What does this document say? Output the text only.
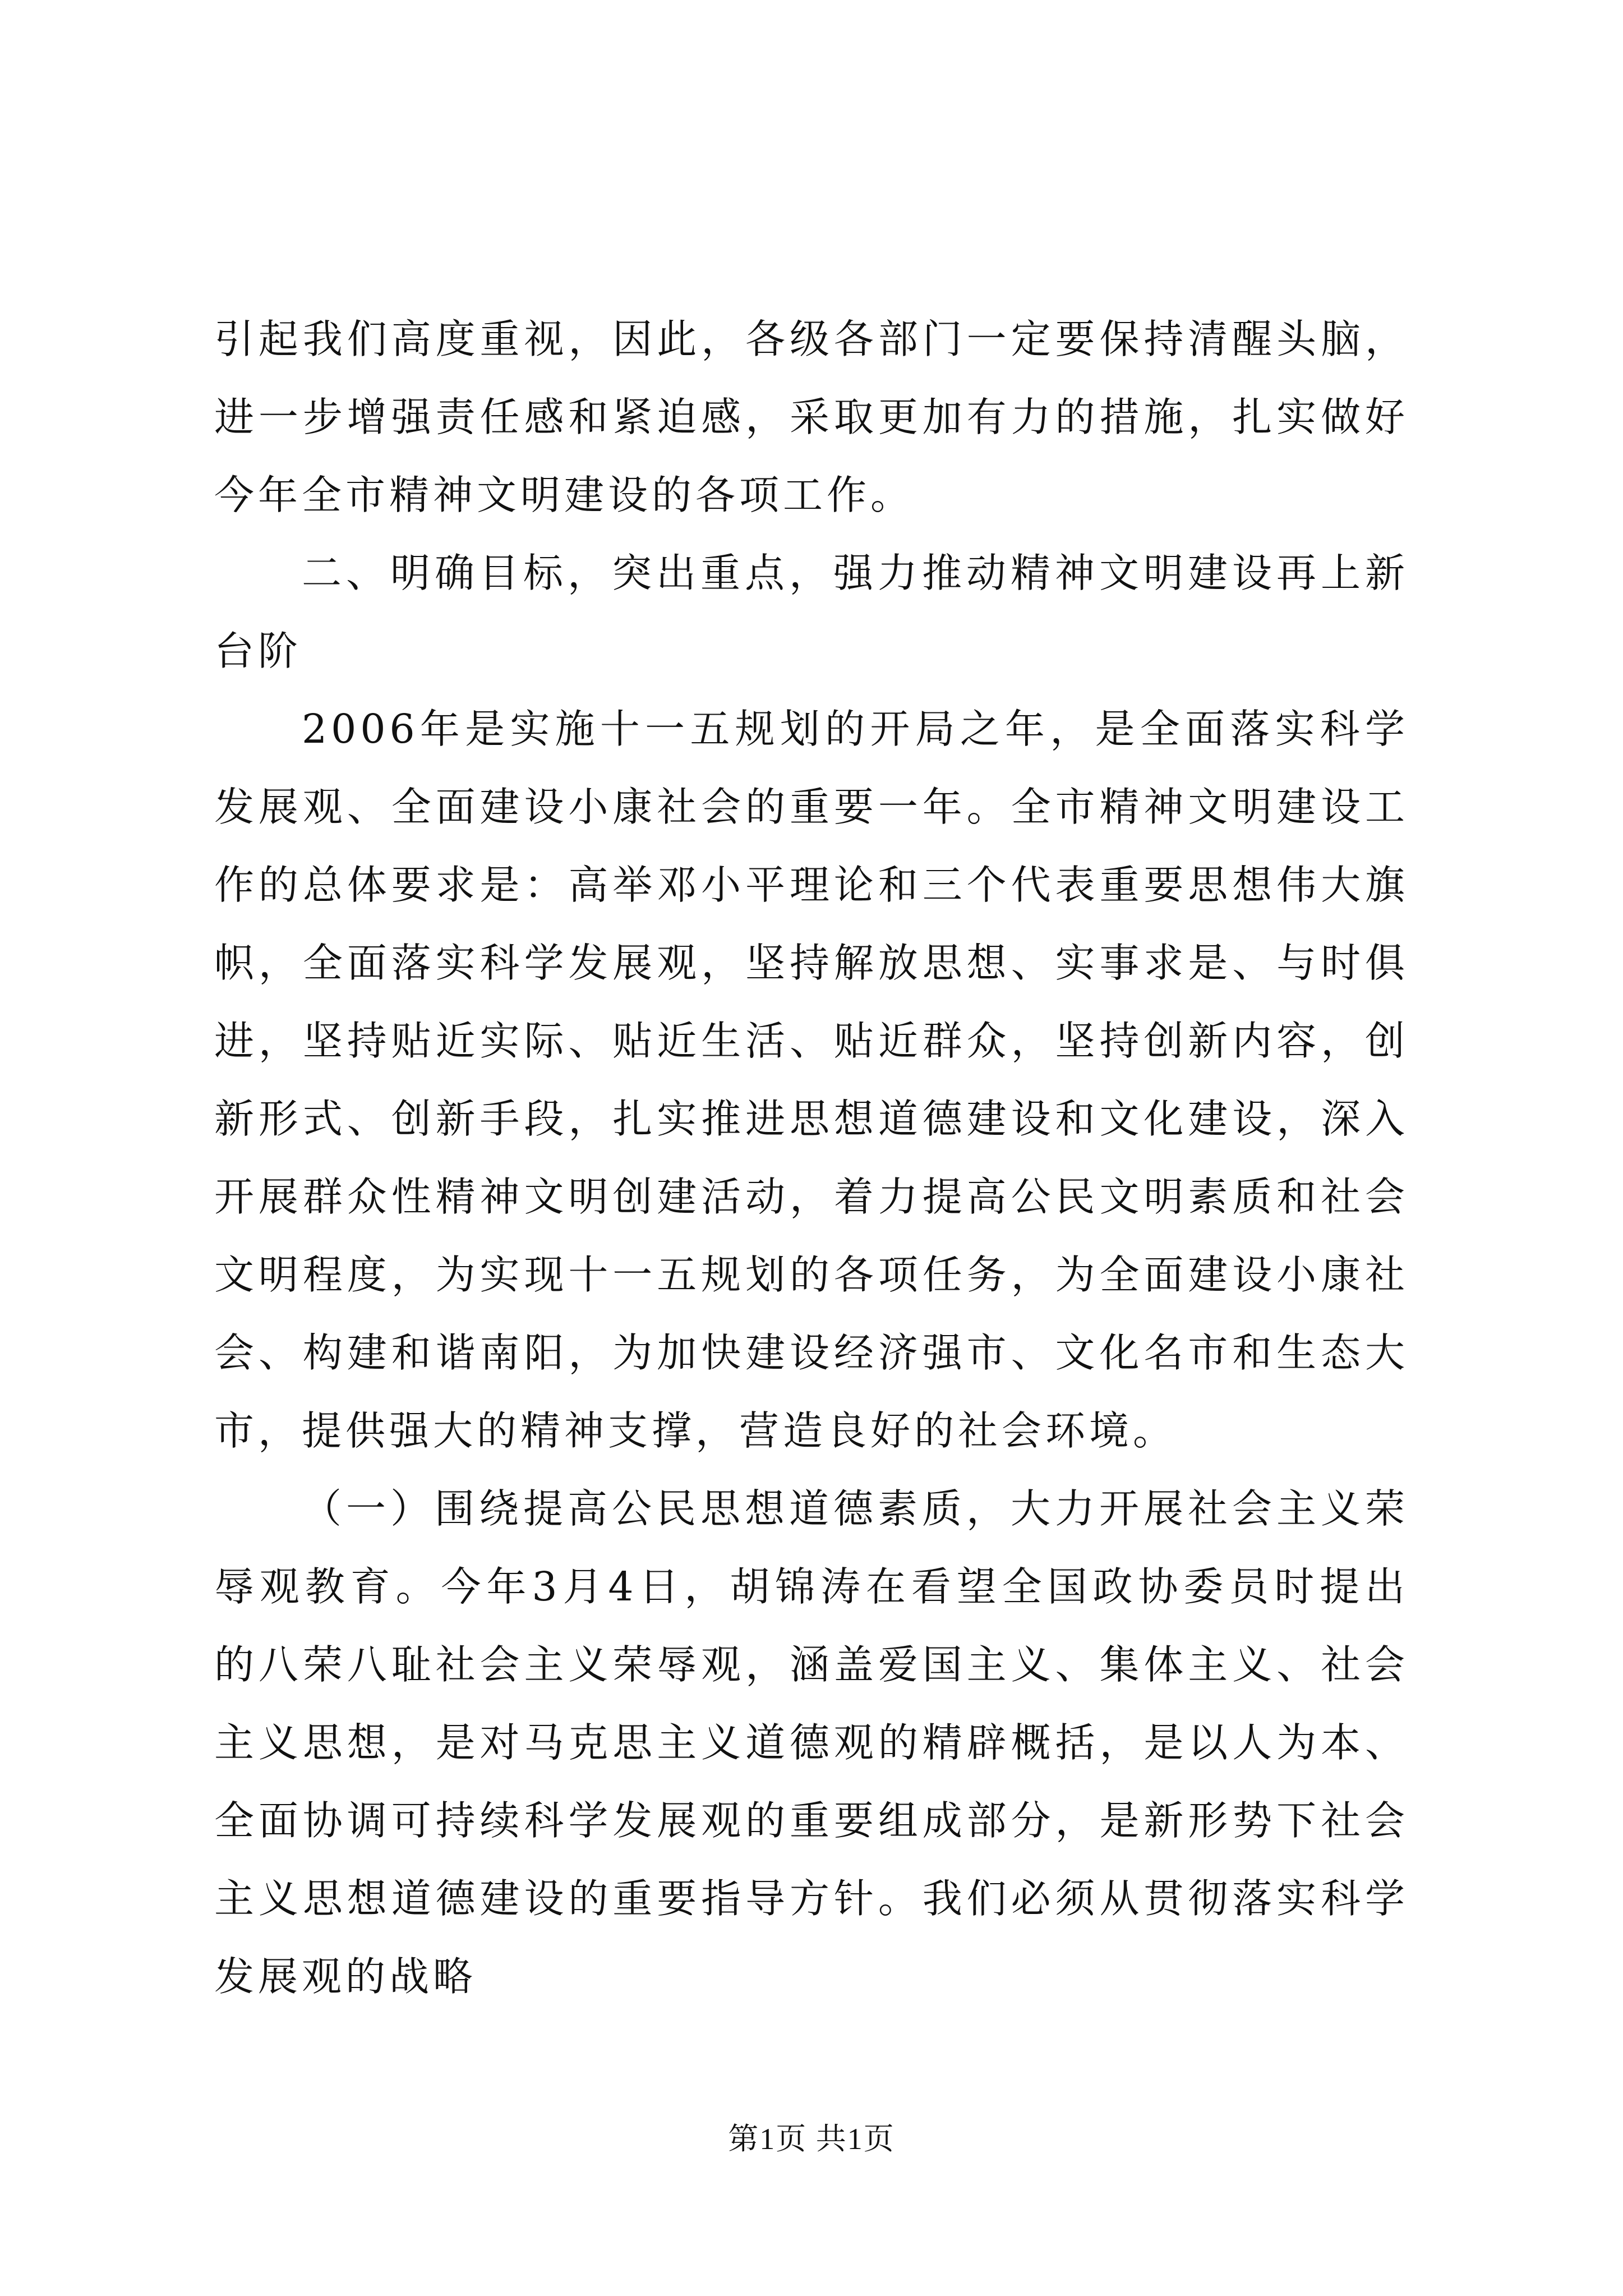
引起我们高度重视，因此，各级各部门一定要保持清醒头脑，进一步增强责任感和紧迫感，采取更加有力的措施，扎实做好今年全市精神文明建设的各项工作。

二、明确目标，突出重点，强力推动精神文明建设再上新台阶

2006年是实施十一五规划的开局之年，是全面落实科学发展观、全面建设小康社会的重要一年。全市精神文明建设工作的总体要求是：高举邓小平理论和三个代表重要思想伟大旗帜，全面落实科学发展观，坚持解放思想、实事求是、与时俱进，坚持贴近实际、贴近生活、贴近群众，坚持创新内容，创新形式、创新手段，扎实推进思想道德建设和文化建设，深入开展群众性精神文明创建活动，着力提高公民文明素质和社会文明程度，为实现十一五规划的各项任务，为全面建设小康社会、构建和谐南阳，为加快建设经济强市、文化名市和生态大市，提供强大的精神支撑，营造良好的社会环境。

（一）围绕提高公民思想道德素质，大力开展社会主义荣辱观教育。今年3月4日，胡锦涛在看望全国政协委员时提出的八荣八耻社会主义荣辱观，涵盖爱国主义、集体主义、社会主义思想，是对马克思主义道德观的精辟概括，是以人为本、全面协调可持续科学发展观的重要组成部分，是新形势下社会主义思想道德建设的重要指导方针。我们必须从贯彻落实科学发展观的战略

第1页 共1页
